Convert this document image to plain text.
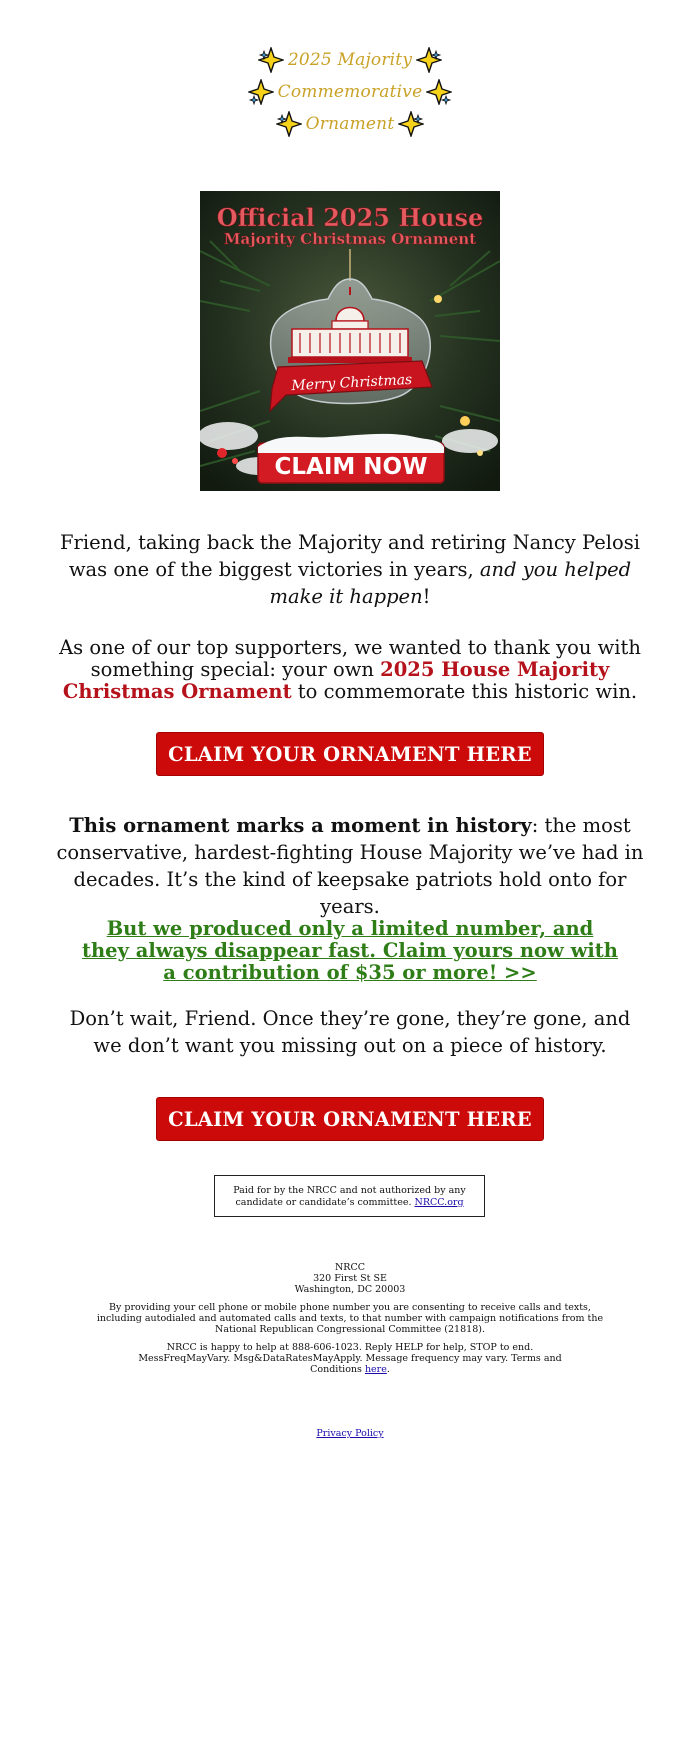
2025 Majority
Commemorative
Ornament
Official 2025 House
Majority Christmas Ornament
Merry Christmas
CLAIM NOW
Friend, taking back the Majority and retiring Nancy Pelosi was one of the biggest victories in years, and you helped make it happen!
As one of our top supporters, we wanted to thank you with something special: your own 2025 House Majority Christmas Ornament to commemorate this historic win.
CLAIM YOUR ORNAMENT HERE
This ornament marks a moment in history: the most conservative, hardest-fighting House Majority we’ve had in decades. It’s the kind of keepsake patriots hold onto for years.
But we produced only a limited number, and they always disappear fast. Claim yours now with a contribution of $35 or more! >>
Don’t wait, Friend. Once they’re gone, they’re gone, and we don’t want you missing out on a piece of history.
CLAIM YOUR ORNAMENT HERE
Paid for by the NRCC and not authorized by any candidate or candidate’s committee. NRCC.org
NRCC
320 First St SE
Washington, DC 20003
By providing your cell phone or mobile phone number you are consenting to receive calls and texts, including autodialed and automated calls and texts, to that number with campaign notifications from the National Republican Congressional Committee (21818).
NRCC is happy to help at 888-606-1023. Reply HELP for help, STOP to end. MessFreqMayVary. Msg&DataRatesMayApply. Message frequency may vary. Terms and Conditions here.
Privacy Policy
